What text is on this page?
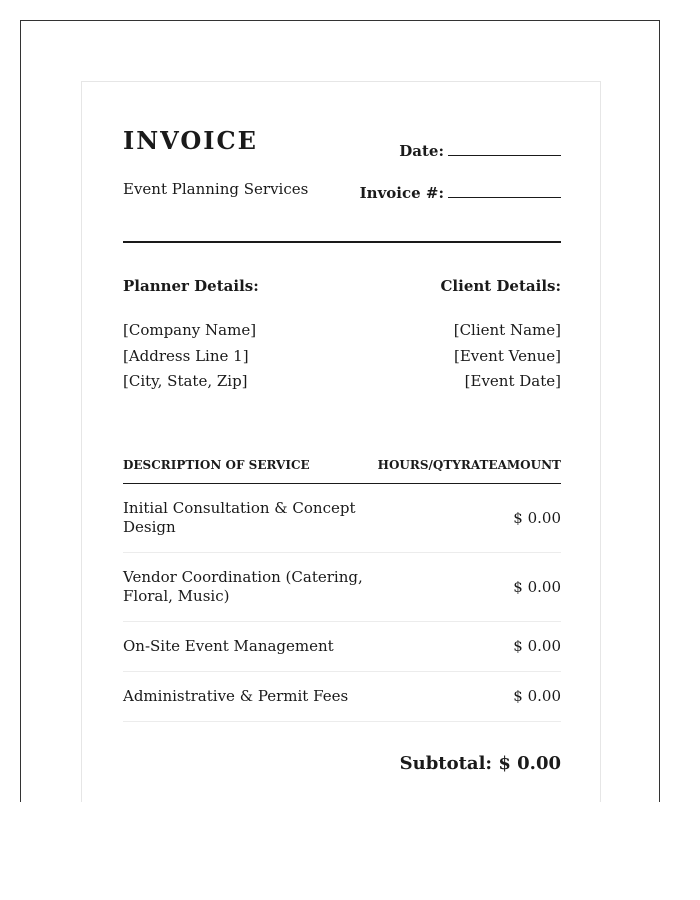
INVOICE
Event Planning Services
Date:
Invoice #:
Planner Details:	Client Details:
[Company Name]
[Address Line 1]
[City, State, Zip]
[Client Name]
[Event Venue]
[Event Date]
DESCRIPTION OF SERVICE	HOURS/QTY RATE AMOUNT
Initial Consultation & Concept Design	$ 0.00
Vendor Coordination (Catering, Floral, Music)	$ 0.00
On-Site Event Management	$ 0.00
Administrative & Permit Fees	$ 0.00
Subtotal: $ 0.00
